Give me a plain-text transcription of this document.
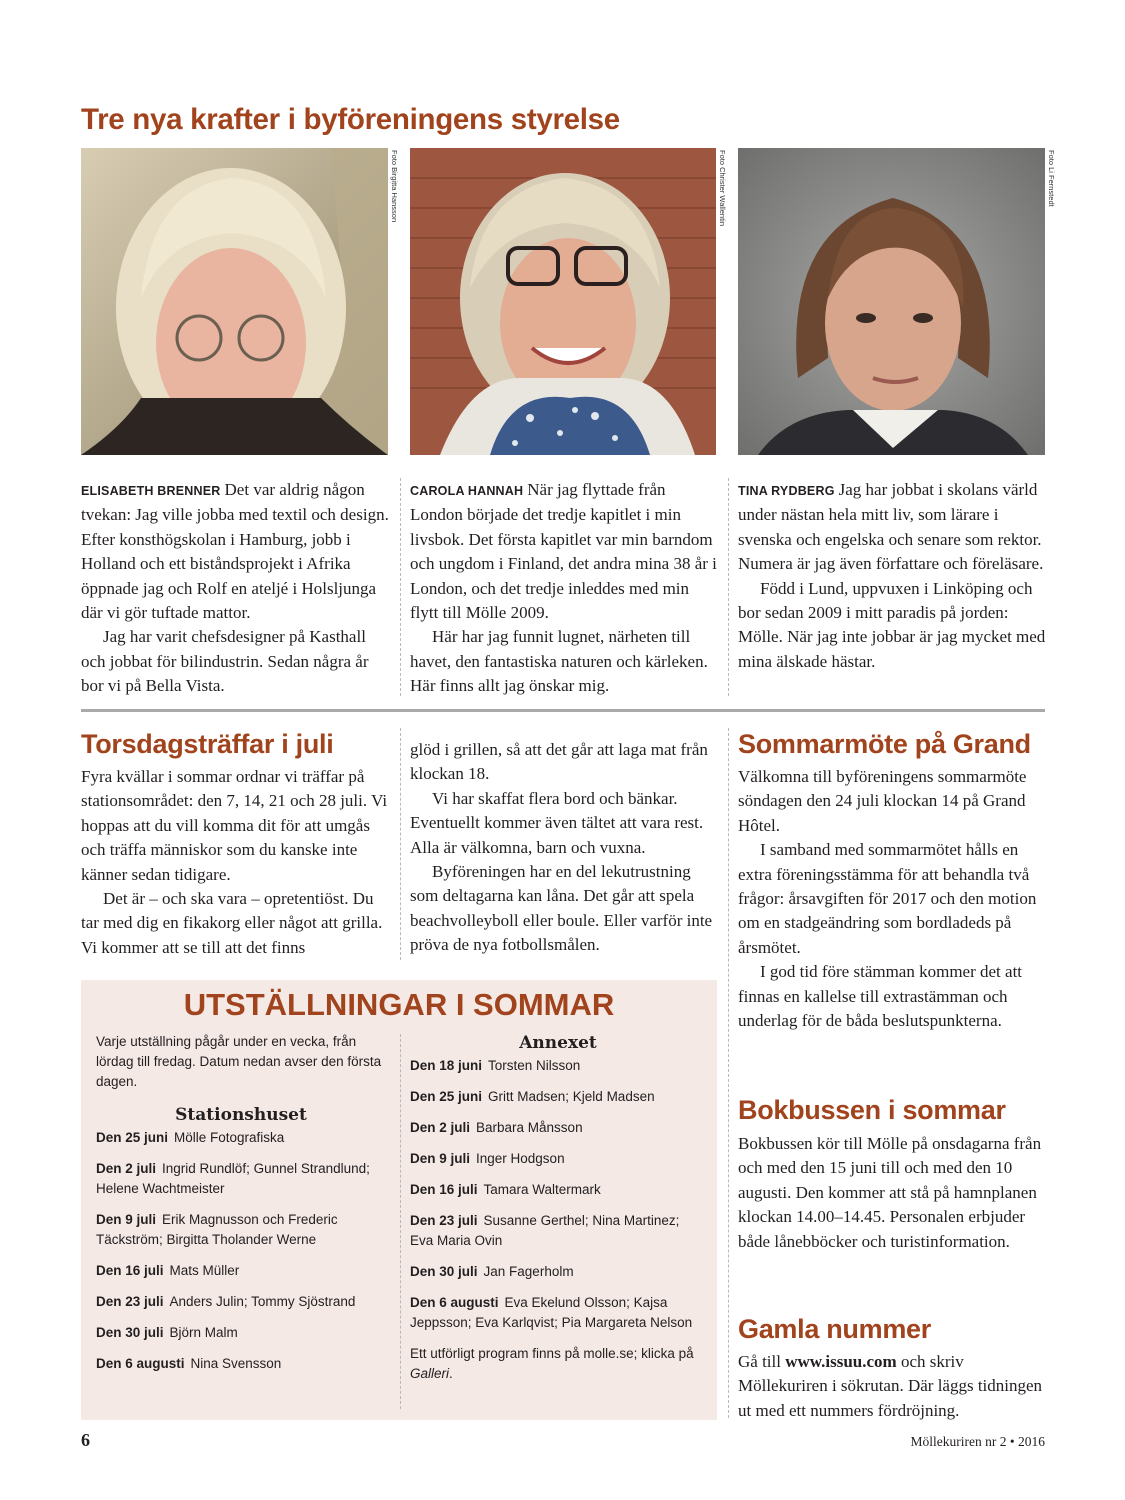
Tre nya krafter i byföreningens styrelse
Foto Birgitta Hansson	Foto Christer Wallentin	Foto Li Fernstedt

ELISABETH BRENNER Det var aldrig någon tvekan: Jag ville jobba med textil och design. Efter konsthögskolan i Hamburg, jobb i Holland och ett biståndsprojekt i Afrika öppnade jag och Rolf en ateljé i Holsljunga där vi gör tuftade mattor.

Jag har varit chefsdesigner på Kasthall och jobbat för bilindustrin. Sedan några år bor vi på Bella Vista.

CAROLA HANNAH När jag flyttade från London började det tredje kapitlet i min livsbok. Det första kapitlet var min barndom och ungdom i Finland, det andra mina 38 år i London, och det tredje inleddes med min flytt till Mölle 2009.

Här har jag funnit lugnet, närheten till havet, den fantastiska naturen och kärleken. Här finns allt jag önskar mig.

TINA RYDBERG Jag har jobbat i skolans värld under nästan hela mitt liv, som lärare i svenska och engelska och senare som rektor. Numera är jag även författare och föreläsare.

Född i Lund, uppvuxen i Linköping och bor sedan 2009 i mitt paradis på jorden: Mölle. När jag inte jobbar är jag mycket med mina älskade hästar.

Torsdagsträffar i juli

Fyra kvällar i sommar ordnar vi träffar på stationsområdet: den 7, 14, 21 och 28 juli. Vi hoppas att du vill komma dit för att umgås och träffa människor som du kanske inte känner sedan tidigare.

Det är – och ska vara – opretentiöst. Du tar med dig en fikakorg eller något att grilla. Vi kommer att se till att det finns

glöd i grillen, så att det går att laga mat från klockan 18.

Vi har skaffat flera bord och bänkar. Eventuellt kommer även tältet att vara rest. Alla är välkomna, barn och vuxna.

Byföreningen har en del lekutrustning som deltagarna kan låna. Det går att spela beachvolleyboll eller boule. Eller varför inte pröva de nya fotbollsmålen.

Sommarmöte på Grand

Välkomna till byföreningens sommarmöte söndagen den 24 juli klockan 14 på Grand Hôtel.

I samband med sommarmötet hålls en extra föreningsstämma för att behandla två frågor: årsavgiften för 2017 och den motion om en stadgeändring som bordladeds på årsmötet.

I god tid före stämman kommer det att finnas en kallelse till extrastämman och underlag för de båda beslutspunkterna.

Bokbussen i sommar
Bokbussen kör till Mölle på onsdagarna från och med den 15 juni till och med den 10 augusti. Den kommer att stå på hamnplanen klockan 14.00–14.45. Personalen erbjuder både lånebböcker och turistinformation.
Gamla nummer
Gå till www.issuu.com och skriv Möllekuriren i sökrutan. Där läggs tidningen ut med ett nummers fördröjning.
UTSTÄLLNINGAR I SOMMAR
Varje utställning pågår under en vecka, från lördag till fredag. Datum nedan avser den första dagen.
Stationshuset
Den 25 juni Mölle Fotografiska
Den 2 juli Ingrid Rundlöf; Gunnel Strandlund; Helene Wachtmeister
Den 9 juli Erik Magnusson och Frederic Täckström; Birgitta Tholander Werne
Den 16 juli Mats Müller
Den 23 juli Anders Julin; Tommy Sjöstrand
Den 30 juli Björn Malm
Den 6 augusti Nina Svensson
Annexet
Den 18 juni Torsten Nilsson
Den 25 juni Gritt Madsen; Kjeld Madsen
Den 2 juli Barbara Månsson
Den 9 juli Inger Hodgson
Den 16 juli Tamara Waltermark
Den 23 juli Susanne Gerthel; Nina Martinez; Eva Maria Ovin
Den 30 juli Jan Fagerholm
Den 6 augusti Eva Ekelund Olsson; Kajsa Jeppsson; Eva Karlqvist; Pia Margareta Nelson
Ett utförligt program finns på molle.se; klicka på Galleri.
6	Möllekuriren nr 2 • 2016
